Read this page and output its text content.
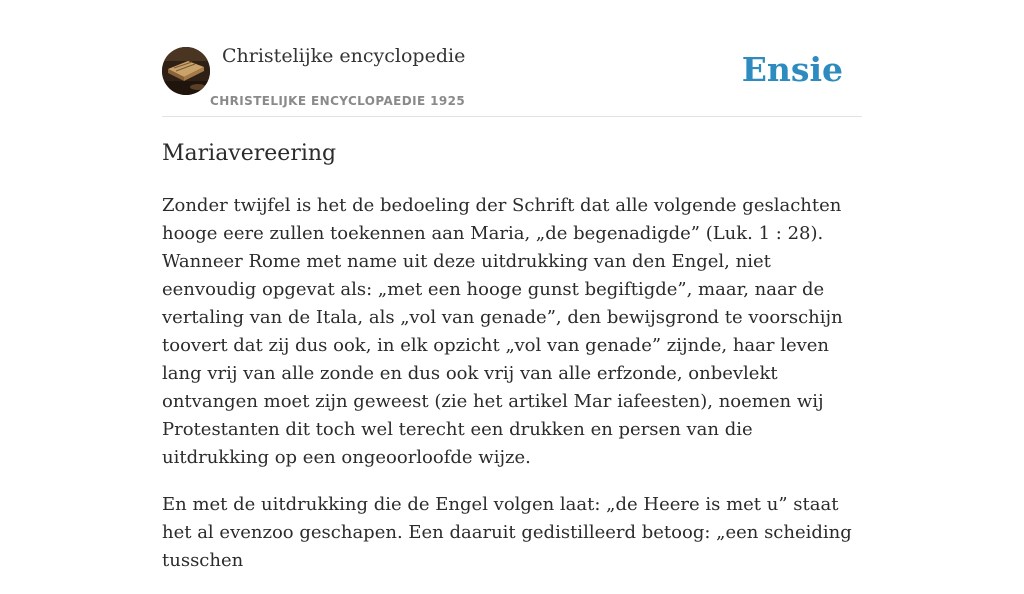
Christelijke encyclopedie
CHRISTELIJKE ENCYCLOPAEDIE 1925
Ensie
Mariavereering

Zonder twijfel is het de bedoeling der Schrift dat alle volgende geslachten hooge eere zullen toekennen aan Maria, „de begenadigde” (Luk. 1 : 28). Wanneer Rome met name uit deze uitdrukking van den Engel, niet eenvoudig opgevat als: „met een hooge gunst begiftigde”, maar, naar de vertaling van de Itala, als „vol van genade”, den bewijsgrond te voorschijn toovert dat zij dus ook, in elk opzicht „vol van genade” zijnde, haar leven lang vrij van alle zonde en dus ook vrij van alle erfzonde, onbevlekt ontvangen moet zijn geweest (zie het artikel Mar iafeesten), noemen wij Protestanten dit toch wel terecht een drukken en persen van die uitdrukking op een ongeoorloofde wijze.

En met de uitdrukking die de Engel volgen laat: „de Heere is met u” staat het al evenzoo geschapen. Een daaruit gedistilleerd betoog: „een scheiding tusschen
